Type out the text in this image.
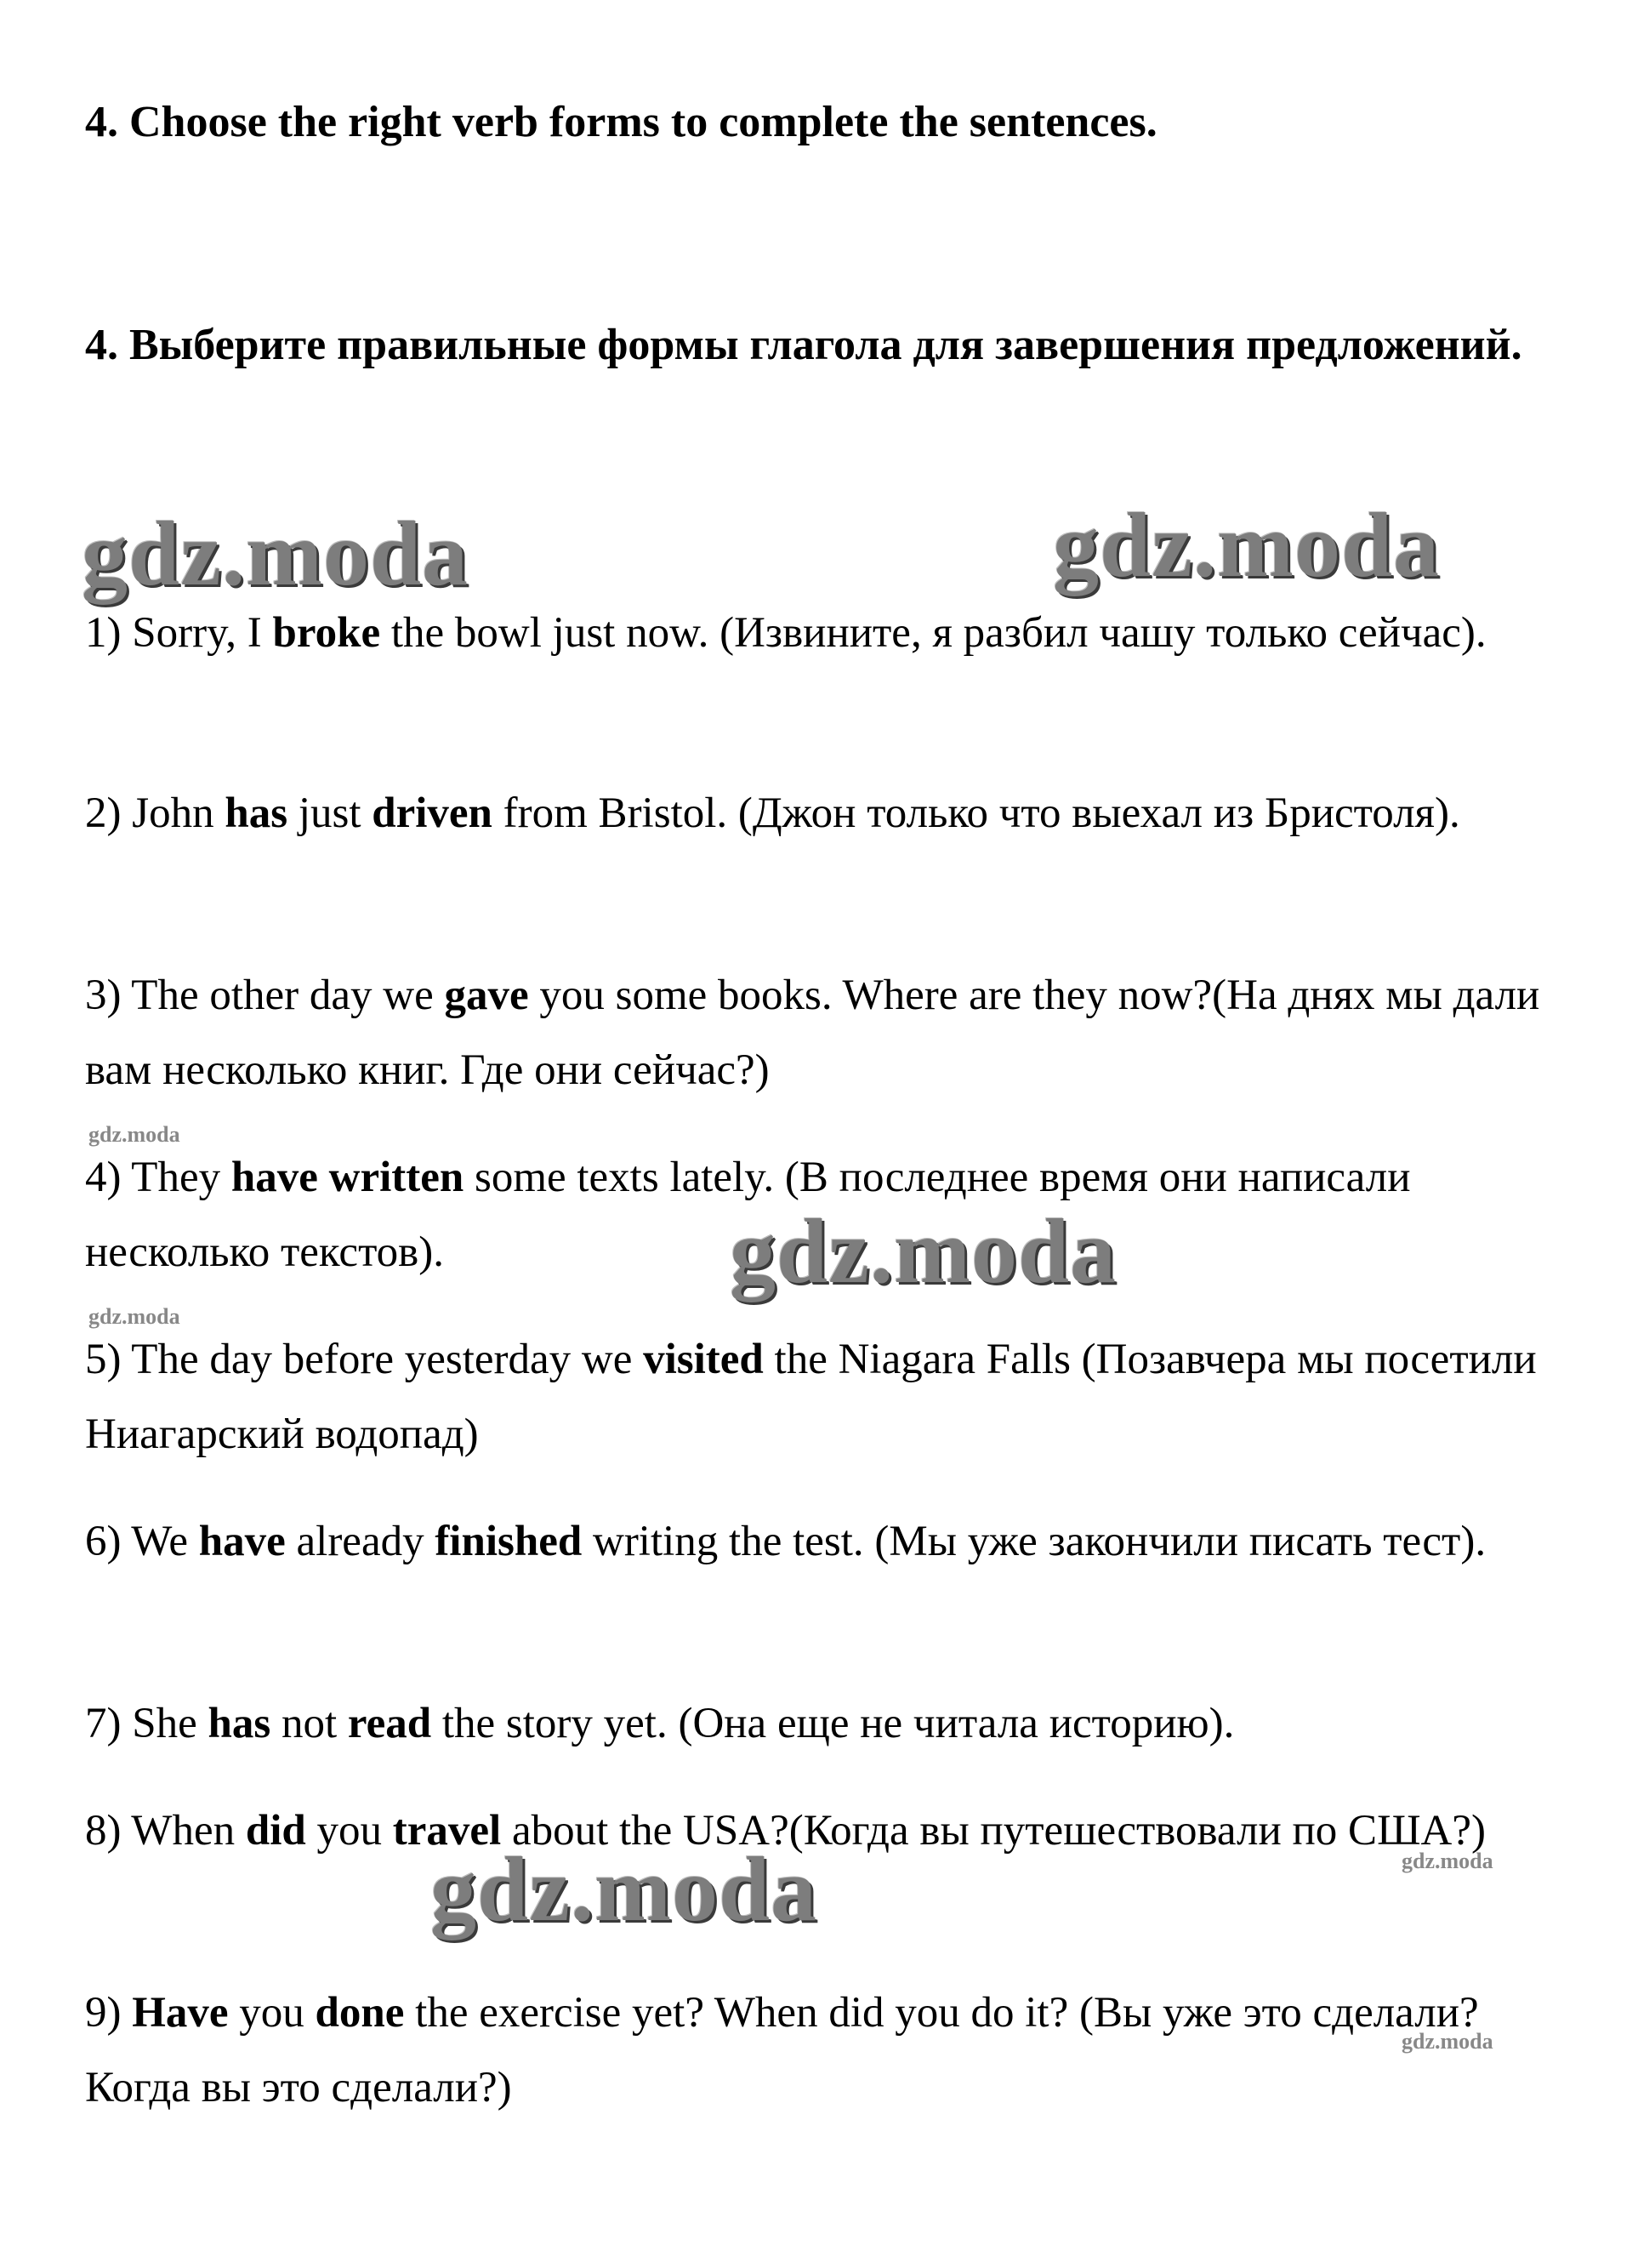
4. Choose the right verb forms to complete the sentences.
4. Выберите правильные формы глагола для завершения предложений.

1) Sorry, I broke the bowl just now. (Извините, я разбил чашу только сейчас).

2) John has just driven from Bristol. (Джон только что выехал из Бристоля).

3) The other day we gave you some books. Where are they now?(На днях мы дали вам несколько книг. Где они сейчас?)

4) They have written some texts lately. (В последнее время они написали несколько текстов).

5) The day before yesterday we visited the Niagara Falls (Позавчера мы посетили Ниагарский водопад)

6) We have already finished writing the test. (Мы уже закончили писать тест).

7) She has not read the story yet. (Она еще не читала историю).

8) When did you travel about the USA?(Когда вы путешествовали по США?)

9) Have you done the exercise yet? When did you do it? (Вы уже это сделали? Когда вы это сделали?)

gdz.moda	gdz.moda
gdz.moda
gdz.moda
gdz.moda
gdz.moda
gdz.moda
gdz.moda
